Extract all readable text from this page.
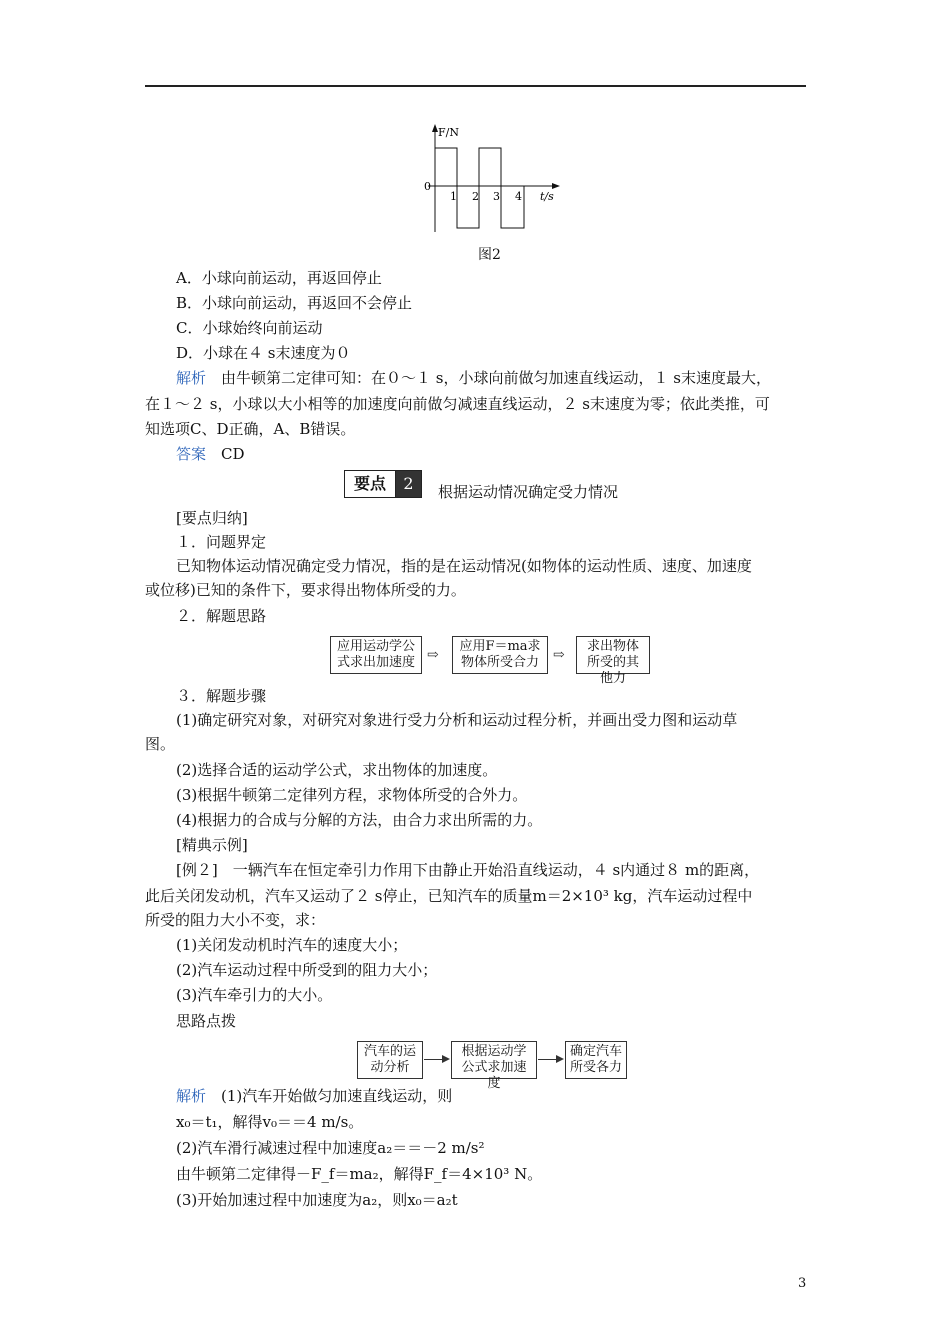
F/N
0
1 2 3 4 t/s
图2
A．小球向前运动，再返回停止
B．小球向前运动，再返回不会停止
C．小球始终向前运动
D．小球在４ s末速度为０
解析　由牛顿第二定律可知：在０～１ s，小球向前做匀加速直线运动，１ s末速度最大，
在１～２ s，小球以大小相等的加速度向前做匀减速直线运动，２ s末速度为零；依此类推，可
知选项C、D正确，A、B错误。
答案　CD
要点	2	根据运动情况确定受力情况
[要点归纳]
１．问题界定
已知物体运动情况确定受力情况，指的是在运动情况(如物体的运动性质、速度、加速度
或位移)已知的条件下，要求得出物体所受的力。
２．解题思路
应用运动学公式求出加速度 ⇨
应用F＝ma求物体所受合力	⇨
求出物体所受的其他力
３．解题步骤
(1)确定研究对象，对研究对象进行受力分析和运动过程分析，并画出受力图和运动草
图。
(2)选择合适的运动学公式，求出物体的加速度。
(3)根据牛顿第二定律列方程，求物体所受的合外力。
(4)根据力的合成与分解的方法，由合力求出所需的力。
[精典示例]
[例２]　一辆汽车在恒定牵引力作用下由静止开始沿直线运动，４ s内通过８ m的距离，
此后关闭发动机，汽车又运动了２ s停止，已知汽车的质量m＝2×10³ kg，汽车运动过程中
所受的阻力大小不变，求：
(1)关闭发动机时汽车的速度大小；
(2)汽车运动过程中所受到的阻力大小；
(3)汽车牵引力的大小。
思路点拨
汽车的运动分析
根据运动学公式求加速度
确定汽车所受各力
解析　(1)汽车开始做匀加速直线运动，则
x₀＝t₁，解得v₀＝＝4 m/s。
(2)汽车滑行减速过程中加速度a₂＝＝－2 m/s²
由牛顿第二定律得－F_f＝ma₂，解得F_f＝4×10³ N。
(3)开始加速过程中加速度为a₂，则x₀＝a₂t
3
